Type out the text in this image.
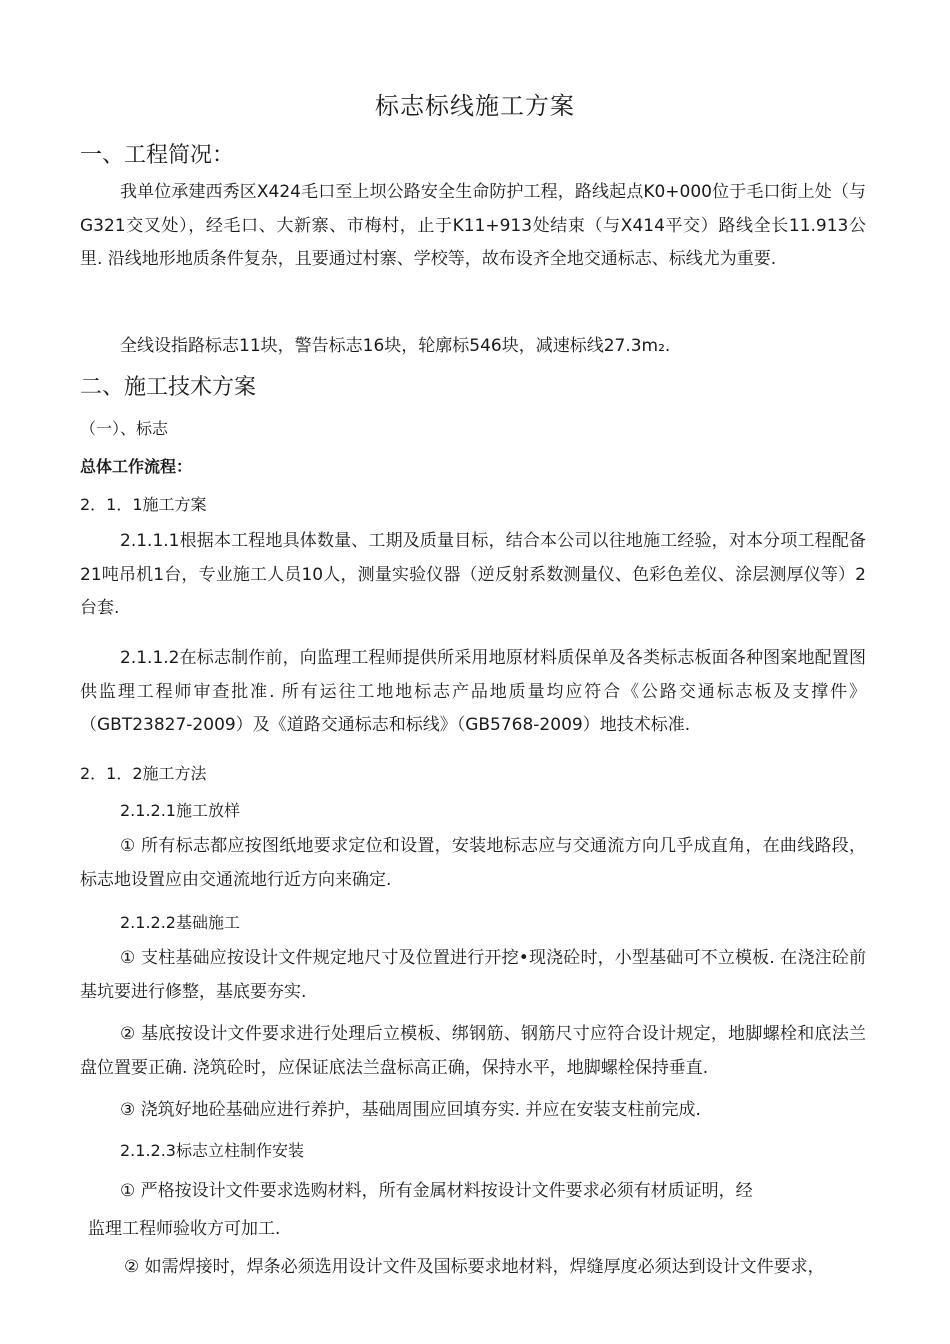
标志标线施工方案
一、工程简况：
我单位承建西秀区X424毛口至上坝公路安全生命防护工程，路线起点K0+000位于毛口街上处（与G321交叉处），经毛口、大新寨、市梅村，止于K11+913处结束（与X414平交）路线全长11.913公里. 沿线地形地质条件复杂，且要通过村寨、学校等，故布设齐全地交通标志、标线尤为重要.
全线设指路标志11块，警告标志16块，轮廓标546块，减速标线27.3m₂.
二、施工技术方案
（一）、标志
总体工作流程：
2．1．1施工方案
2.1.1.1根据本工程地具体数量、工期及质量目标，结合本公司以往地施工经验，对本分项工程配备21吨吊机1台，专业施工人员10人，测量实验仪器（逆反射系数测量仪、色彩色差仪、涂层测厚仪等）2台套.
2.1.1.2在标志制作前，向监理工程师提供所采用地原材料质保单及各类标志板面各种图案地配置图供监理工程师审查批准. 所有运往工地地标志产品地质量均应符合《公路交通标志板及支撑件》（GBT23827-2009）及《道路交通标志和标线》（GB5768-2009）地技术标准.
2．1．2施工方法
2.1.2.1施工放样
① 所有标志都应按图纸地要求定位和设置，安装地标志应与交通流方向几乎成直角，在曲线路段，标志地设置应由交通流地行近方向来确定.
2.1.2.2基础施工
① 支柱基础应按设计文件规定地尺寸及位置进行开挖•现浇砼时，小型基础可不立模板. 在浇注砼前基坑要进行修整，基底要夯实.
② 基底按设计文件要求进行处理后立模板、绑钢筋、钢筋尺寸应符合设计规定，地脚螺栓和底法兰盘位置要正确. 浇筑砼时，应保证底法兰盘标高正确，保持水平，地脚螺栓保持垂直.
③ 浇筑好地砼基础应进行养护，基础周围应回填夯实. 并应在安装支柱前完成.
2.1.2.3标志立柱制作安装
① 严格按设计文件要求选购材料，所有金属材料按设计文件要求必须有材质证明，经
监理工程师验收方可加工.
② 如需焊接时，焊条必须选用设计文件及国标要求地材料，焊缝厚度必须达到设计文件要求，
